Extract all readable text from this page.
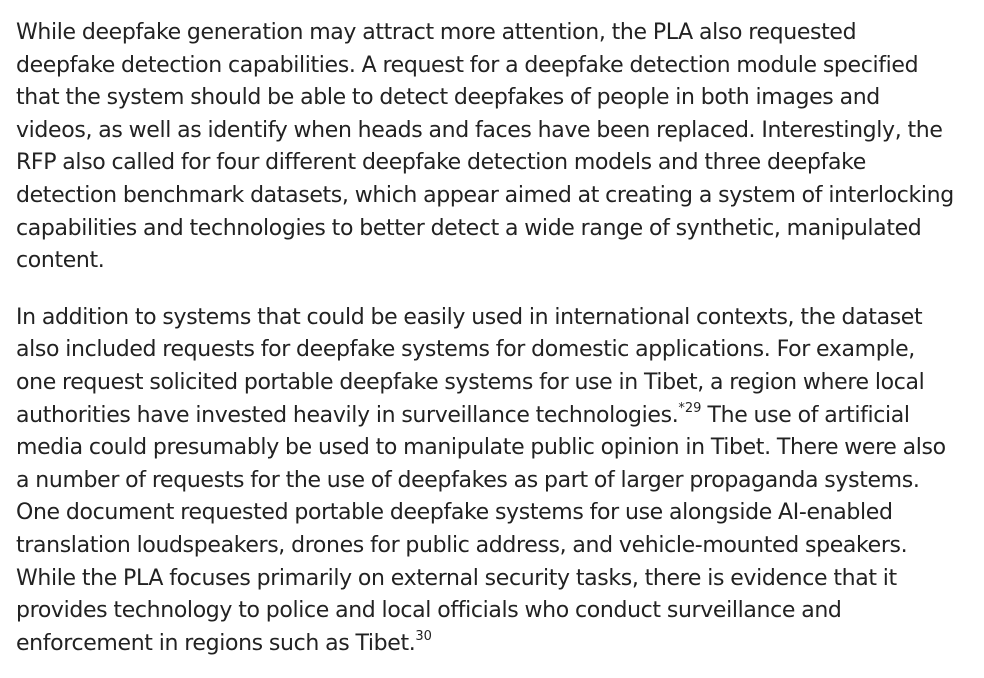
While deepfake generation may attract more attention, the PLA also requested deepfake detection capabilities. A request for a deepfake detection module specified that the system should be able to detect deepfakes of people in both images and videos, as well as identify when heads and faces have been replaced. Interestingly, the RFP also called for four different deepfake detection models and three deepfake detection benchmark datasets, which appear aimed at creating a system of interlocking capabilities and technologies to better detect a wide range of synthetic, manipulated content.

In addition to systems that could be easily used in international contexts, the dataset also included requests for deepfake systems for domestic applications. For example, one request solicited portable deepfake systems for use in Tibet, a region where local authorities have invested heavily in surveillance technologies.$^{*29}$ The use of artificial media could presumably be used to manipulate public opinion in Tibet. There were also a number of requests for the use of deepfakes as part of larger propaganda systems. One document requested portable deepfake systems for use alongside AI-enabled translation loudspeakers, drones for public address, and vehicle-mounted speakers. While the PLA focuses primarily on external security tasks, there is evidence that it provides technology to police and local officials who conduct surveillance and enforcement in regions such as Tibet.$^{30}$
